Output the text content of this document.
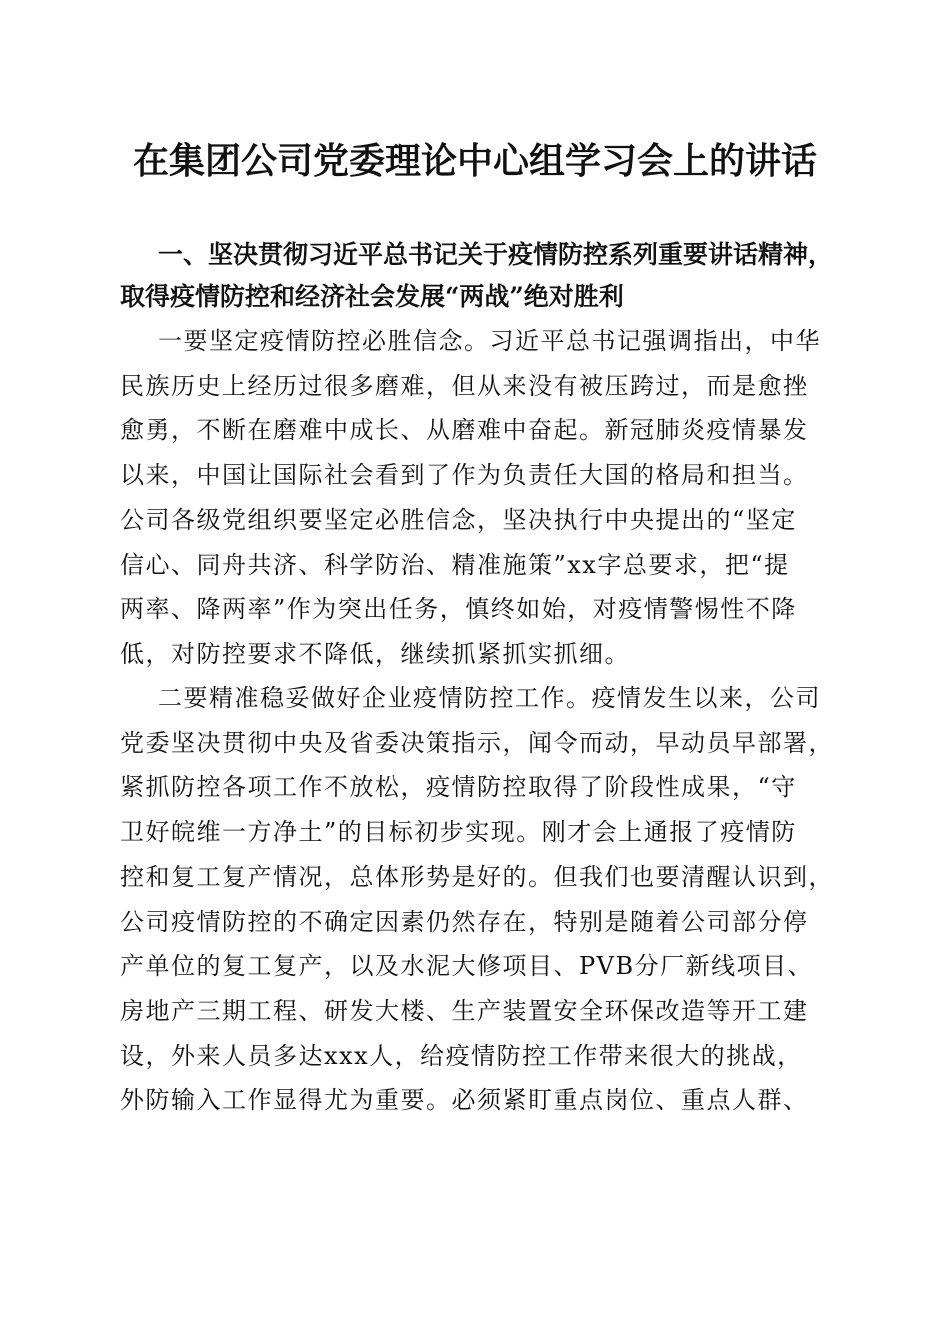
在集团公司党委理论中心组学习会上的讲话
一、坚决贯彻习近平总书记关于疫情防控系列重要讲话精神，
取得疫情防控和经济社会发展“两战”绝对胜利
一要坚定疫情防控必胜信念。习近平总书记强调指出，中华
民族历史上经历过很多磨难，但从来没有被压跨过，而是愈挫
愈勇，不断在磨难中成长、从磨难中奋起。新冠肺炎疫情暴发
以来，中国让国际社会看到了作为负责任大国的格局和担当。
公司各级党组织要坚定必胜信念，坚决执行中央提出的“坚定
信心、同舟共济、科学防治、精准施策”xx字总要求，把“提
两率、降两率”作为突出任务，慎终如始，对疫情警惕性不降
低，对防控要求不降低，继续抓紧抓实抓细。
二要精准稳妥做好企业疫情防控工作。疫情发生以来，公司
党委坚决贯彻中央及省委决策指示，闻令而动，早动员早部署，
紧抓防控各项工作不放松，疫情防控取得了阶段性成果，“守
卫好皖维一方净土”的目标初步实现。刚才会上通报了疫情防
控和复工复产情况，总体形势是好的。但我们也要清醒认识到，
公司疫情防控的不确定因素仍然存在，特别是随着公司部分停
产单位的复工复产，以及水泥大修项目、PVB分厂新线项目、
房地产三期工程、研发大楼、生产装置安全环保改造等开工建
设，外来人员多达xxx人，给疫情防控工作带来很大的挑战，
外防输入工作显得尤为重要。必须紧盯重点岗位、重点人群、
